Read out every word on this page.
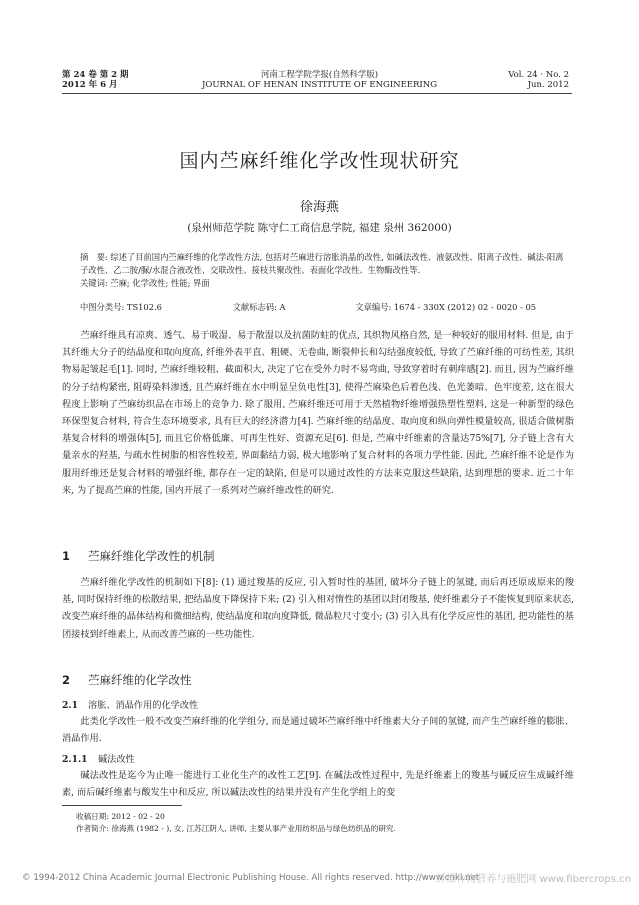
第 24 卷 第 2 期
2012 年 6 月
河南工程学院学报(自然科学版)
JOURNAL OF HENAN INSTITUTE OF ENGINEERING
Vol. 24 · No. 2
Jun. 2012
国内苎麻纤维化学改性现状研究
徐海燕
(泉州师范学院 陈守仁工商信息学院, 福建 泉州 362000)
摘　要: 综述了目前国内苎麻纤维的化学改性方法, 包括对苎麻进行溶胀消晶的改性, 如碱法改性、液氨改性、阳离子改性、碱法-阳离子改性、乙二胺/脲/水混合液改性、交联改性、接枝共聚改性、表面化学改性、生物酶改性等.
关键词: 苎麻; 化学改性; 性能; 界面
中图分类号: TS102.6	文献标志码: A	文章编号: 1674 - 330X (2012) 02 - 0020 - 05
苎麻纤维具有凉爽、透气、易于吸湿、易于散湿以及抗菌防蛀的优点, 其织物风格自然, 是一种较好的服用材料. 但是, 由于其纤维大分子的结晶度和取向度高, 纤维外表平直、粗硬、无卷曲, 断裂伸长和勾结强度较低, 导致了苎麻纤维的可纺性差, 其织物易起皱起毛[1]. 同时, 苎麻纤维较粗、截面积大, 决定了它在受外力时不易弯曲, 导致穿着时有刺痒感[2]. 而且, 因为苎麻纤维的分子结构紧密, 阻碍染料渗透, 且苎麻纤维在水中明显呈负电性[3], 使得苎麻染色后着色浅、色光萎暗、色牢度差, 这在很大程度上影响了苎麻纺织品在市场上的竞争力. 除了服用, 苎麻纤维还可用于天然植物纤维增强热塑性塑料, 这是一种新型的绿色环保型复合材料, 符合生态环境要求, 具有巨大的经济潜力[4]. 苎麻纤维的结晶度、取向度和纵向弹性模量较高, 很适合做树脂基复合材料的增强体[5], 而且它价格低廉、可再生性好、资源充足[6]. 但是, 苎麻中纤维素的含量达75%[7], 分子链上含有大量亲水的羟基, 与疏水性树脂的相容性较差, 界面黏结力弱, 极大地影响了复合材料的各项力学性能. 因此, 苎麻纤维不论是作为服用纤维还是复合材料的增强纤维, 都存在一定的缺陷, 但是可以通过改性的方法来克服这些缺陷, 达到理想的要求. 近二十年来, 为了提高苎麻的性能, 国内开展了一系列对苎麻纤维改性的研究.
1 苎麻纤维化学改性的机制
苎麻纤维化学改性的机制如下[8]: (1) 通过羧基的反应, 引入暂时性的基团, 破坏分子链上的氢键, 而后再还原成原来的羧基, 同时保持纤维的松散结果, 把结晶度下降保持下来; (2) 引入相对惰性的基团以封闭羧基, 使纤维素分子不能恢复到原来状态, 改变苎麻纤维的晶体结构和微细结构, 使结晶度和取向度降低, 微晶粒尺寸变小; (3) 引入具有化学反应性的基团, 把功能性的基团接枝到纤维素上, 从而改善苎麻的一些功能性.
2 苎麻纤维的化学改性
2.1 溶胀、消晶作用的化学改性
此类化学改性一般不改变苎麻纤维的化学组分, 而是通过破坏苎麻纤维中纤维素大分子间的氢键, 而产生苎麻纤维的膨胀、消晶作用.
2.1.1 碱法改性
碱法改性是迄今为止唯一能进行工业化生产的改性工艺[9]. 在碱法改性过程中, 先是纤维素上的羧基与碱反应生成碱纤维素, 而后碱纤维素与酸发生中和反应, 所以碱法改性的结果并没有产生化学组上的变
收稿日期: 2012 - 02 - 20
作者简介: 徐海燕 (1982 - ), 女, 江苏江阴人, 讲师, 主要从事产业用纺织品与绿色纺织品的研究.
© 1994-2012 China Academic Journal Electronic Publishing House. All rights reserved. http://www.cnki.net
纤维作物营养与施肥网 www.fibercrops.cn
